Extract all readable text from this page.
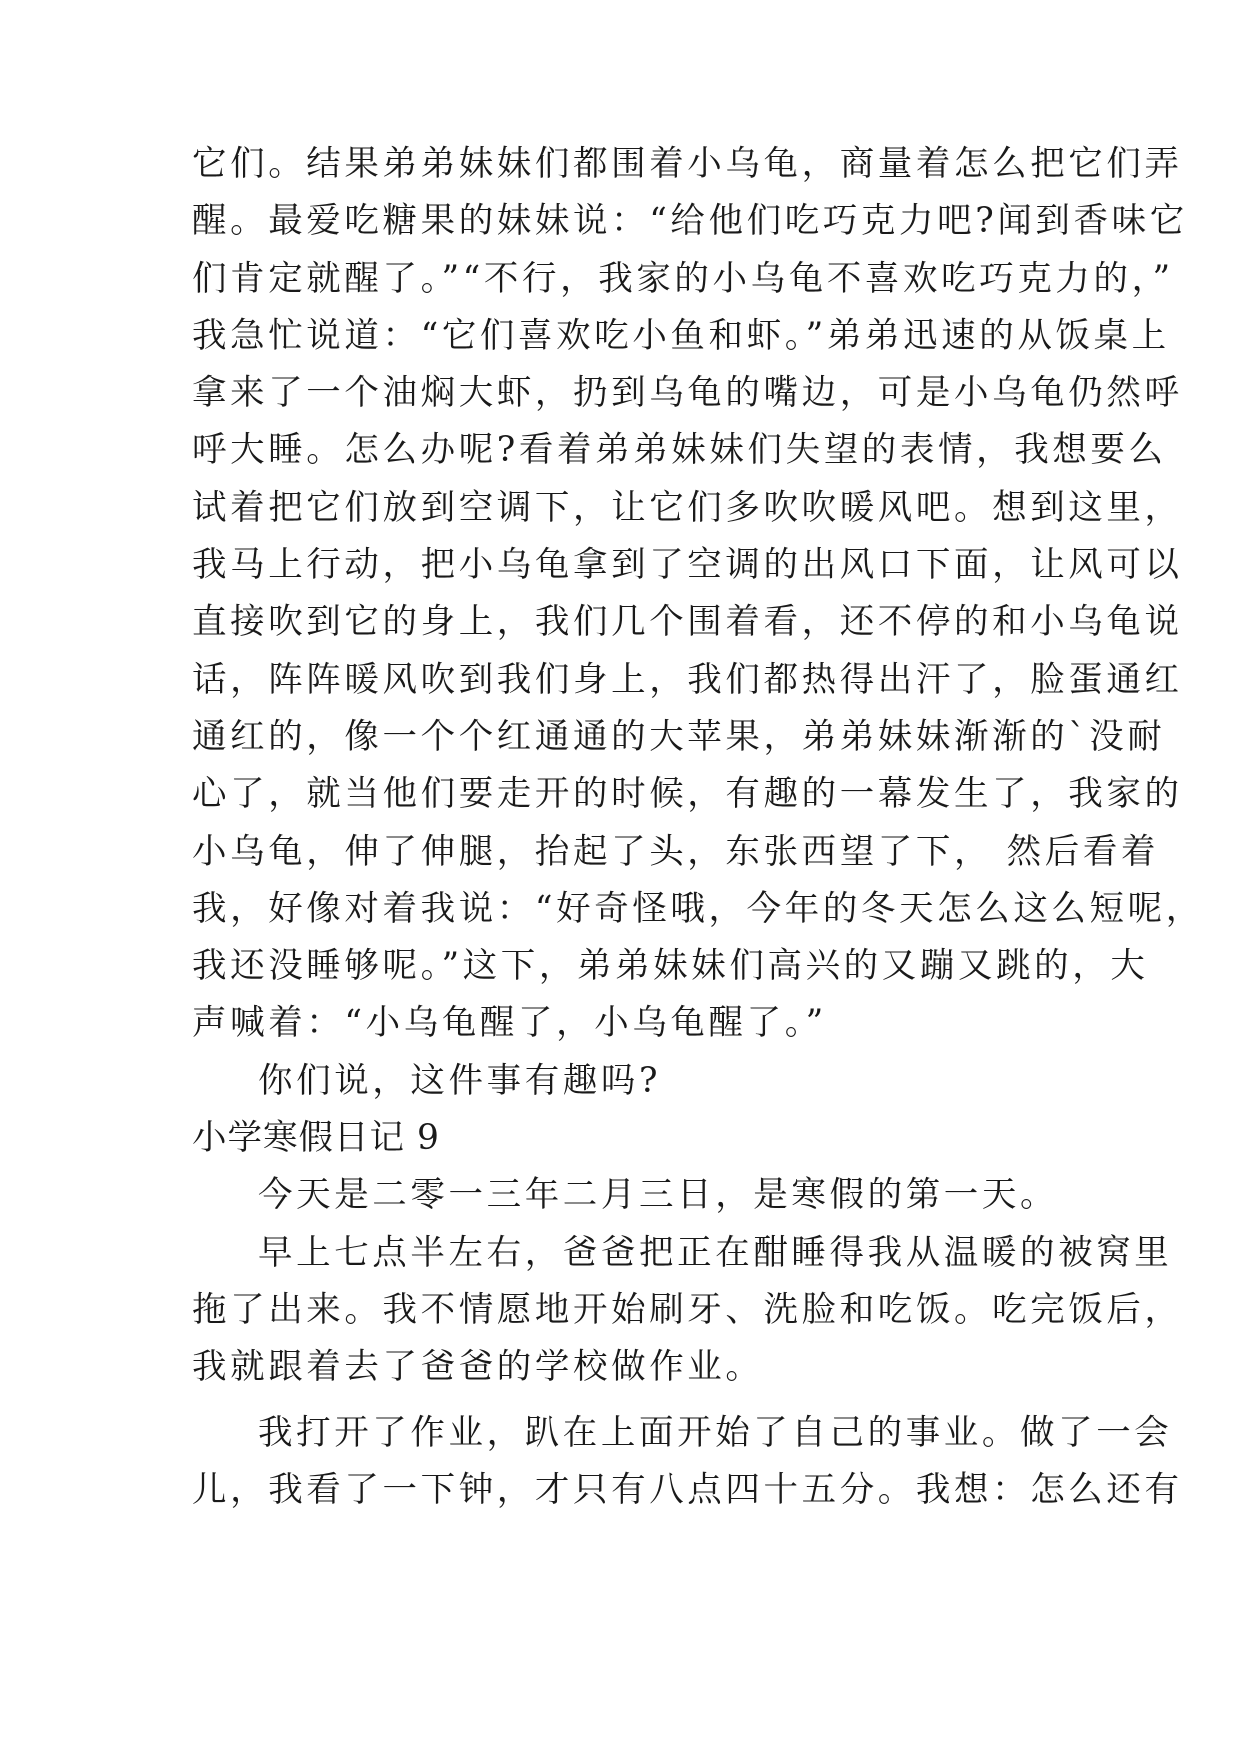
它们。结果弟弟妹妹们都围着小乌龟，商量着怎么把它们弄
醒。最爱吃糖果的妹妹说：“给他们吃巧克力吧?闻到香味它
们肯定就醒了。”“不行，我家的小乌龟不喜欢吃巧克力的，”
我急忙说道：“它们喜欢吃小鱼和虾。”弟弟迅速的从饭桌上
拿来了一个油焖大虾，扔到乌龟的嘴边，可是小乌龟仍然呼
呼大睡。怎么办呢?看着弟弟妹妹们失望的表情，我想要么
试着把它们放到空调下，让它们多吹吹暖风吧。想到这里，
我马上行动，把小乌龟拿到了空调的出风口下面，让风可以
直接吹到它的身上，我们几个围着看，还不停的和小乌龟说
话，阵阵暖风吹到我们身上，我们都热得出汗了，脸蛋通红
通红的，像一个个红通通的大苹果，弟弟妹妹渐渐的`没耐
心了，就当他们要走开的时候，有趣的一幕发生了，我家的
小乌龟，伸了伸腿，抬起了头，东张西望了下， 然后看着
我，好像对着我说：“好奇怪哦，今年的冬天怎么这么短呢，
我还没睡够呢。”这下，弟弟妹妹们高兴的又蹦又跳的，大
声喊着：“小乌龟醒了，小乌龟醒了。”
你们说，这件事有趣吗?
小学寒假日记 9
今天是二零一三年二月三日，是寒假的第一天。
早上七点半左右，爸爸把正在酣睡得我从温暖的被窝里
拖了出来。我不情愿地开始刷牙、洗脸和吃饭。吃完饭后，
我就跟着去了爸爸的学校做作业。
我打开了作业，趴在上面开始了自己的事业。做了一会
儿，我看了一下钟，才只有八点四十五分。我想：怎么还有
